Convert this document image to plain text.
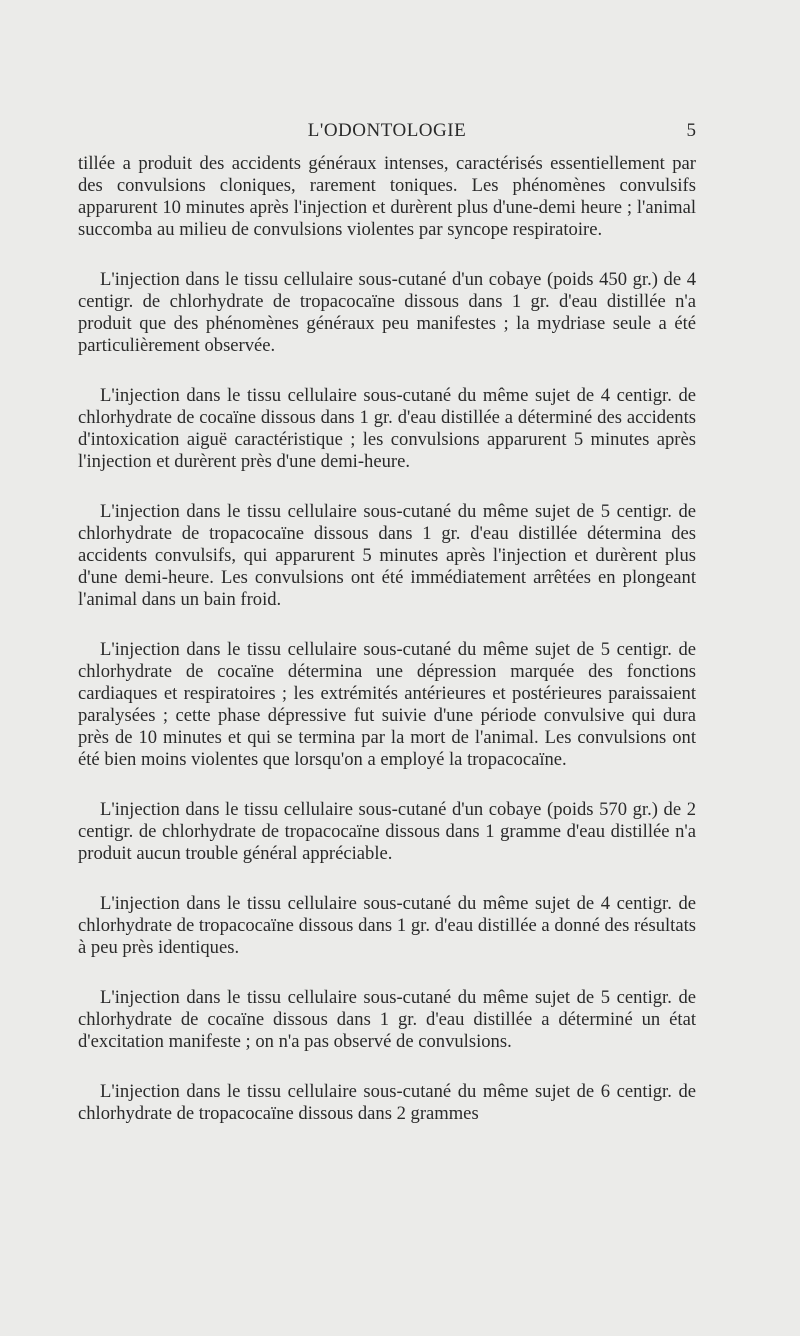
L'ODONTOLOGIE	5

tillée a produit des accidents généraux intenses, caractérisés essentiellement par des convulsions cloniques, rarement toniques. Les phénomènes convulsifs apparurent 10 minutes après l'injection et durèrent plus d'une-demi heure ; l'animal succomba au milieu de convulsions violentes par syncope respiratoire.

L'injection dans le tissu cellulaire sous-cutané d'un cobaye (poids 450 gr.) de 4 centigr. de chlorhydrate de tropacocaïne dissous dans 1 gr. d'eau distillée n'a produit que des phénomènes généraux peu manifestes ; la mydriase seule a été particulièrement observée.

L'injection dans le tissu cellulaire sous-cutané du même sujet de 4 centigr. de chlorhydrate de cocaïne dissous dans 1 gr. d'eau distillée a déterminé des accidents d'intoxication aiguë caractéristique ; les convulsions apparurent 5 minutes après l'injection et durèrent près d'une demi-heure.

L'injection dans le tissu cellulaire sous-cutané du même sujet de 5 centigr. de chlorhydrate de tropacocaïne dissous dans 1 gr. d'eau distillée détermina des accidents convulsifs, qui apparurent 5 minutes après l'injection et durèrent plus d'une demi-heure. Les convulsions ont été immédiatement arrêtées en plongeant l'animal dans un bain froid.

L'injection dans le tissu cellulaire sous-cutané du même sujet de 5 centigr. de chlorhydrate de cocaïne détermina une dépression marquée des fonctions cardiaques et respiratoires ; les extrémités antérieures et postérieures paraissaient paralysées ; cette phase dépressive fut suivie d'une période convulsive qui dura près de 10 minutes et qui se termina par la mort de l'animal. Les convulsions ont été bien moins violentes que lorsqu'on a employé la tropacocaïne.

L'injection dans le tissu cellulaire sous-cutané d'un cobaye (poids 570 gr.) de 2 centigr. de chlorhydrate de tropacocaïne dissous dans 1 gramme d'eau distillée n'a produit aucun trouble général appréciable.

L'injection dans le tissu cellulaire sous-cutané du même sujet de 4 centigr. de chlorhydrate de tropacocaïne dissous dans 1 gr. d'eau distillée a donné des résultats à peu près identiques.

L'injection dans le tissu cellulaire sous-cutané du même sujet de 5 centigr. de chlorhydrate de cocaïne dissous dans 1 gr. d'eau distillée a déterminé un état d'excitation manifeste ; on n'a pas observé de convulsions.

L'injection dans le tissu cellulaire sous-cutané du même sujet de 6 centigr. de chlorhydrate de tropacocaïne dissous dans 2 grammes
